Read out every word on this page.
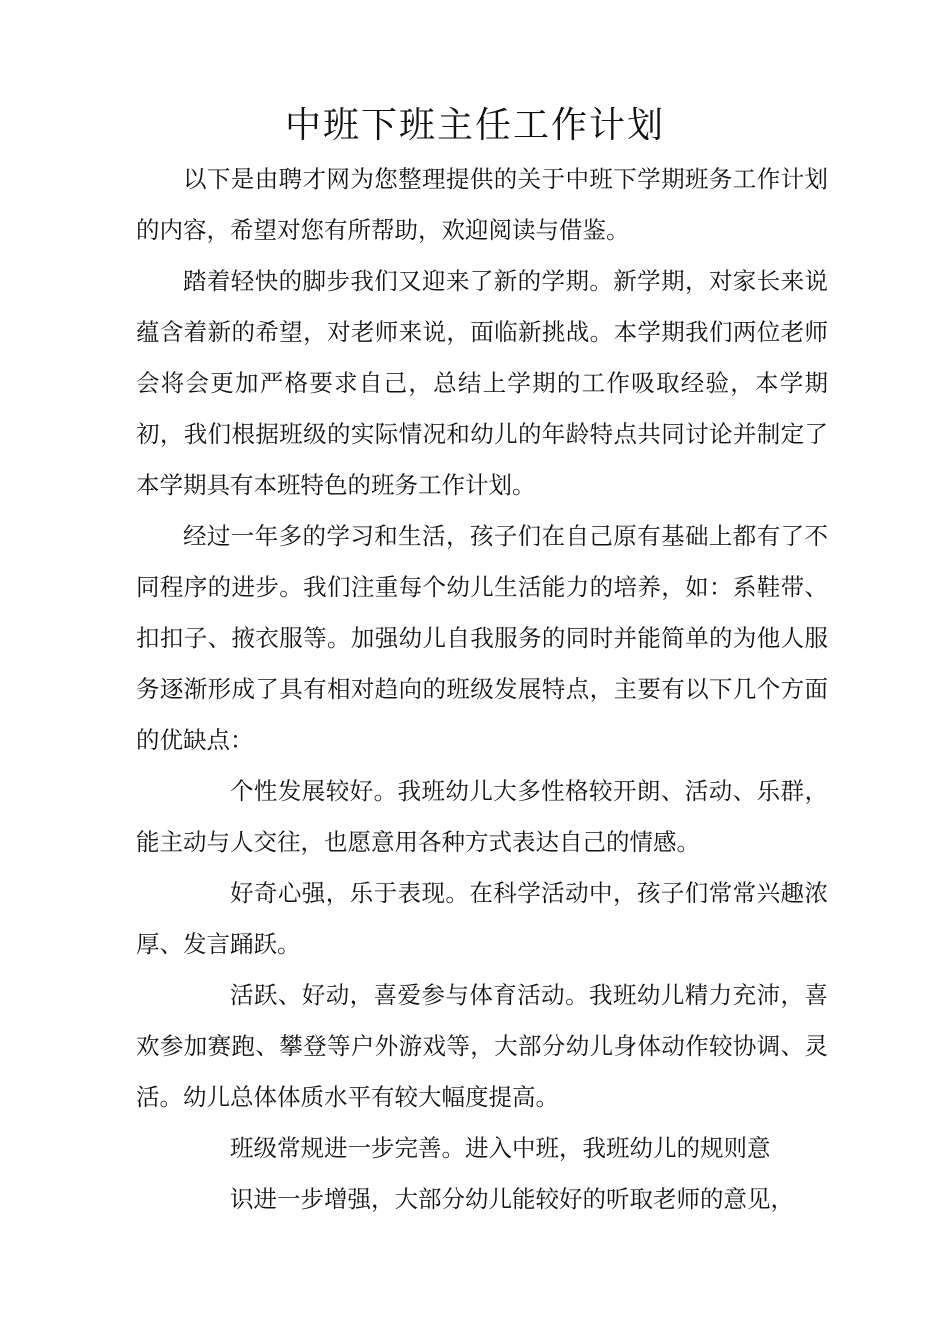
中班下班主任工作计划

以下是由聘才网为您整理提供的关于中班下学期班务工作计划的内容，希望对您有所帮助，欢迎阅读与借鉴。

踏着轻快的脚步我们又迎来了新的学期。新学期，对家长来说蕴含着新的希望，对老师来说，面临新挑战。本学期我们两位老师会将会更加严格要求自己，总结上学期的工作吸取经验，本学期初，我们根据班级的实际情况和幼儿的年龄特点共同讨论并制定了本学期具有本班特色的班务工作计划。

经过一年多的学习和生活，孩子们在自己原有基础上都有了不同程序的进步。我们注重每个幼儿生活能力的培养，如：系鞋带、扣扣子、掖衣服等。加强幼儿自我服务的同时并能简单的为他人服务逐渐形成了具有相对趋向的班级发展特点，主要有以下几个方面的优缺点：

个性发展较好。我班幼儿大多性格较开朗、活动、乐群，能主动与人交往，也愿意用各种方式表达自己的情感。

好奇心强，乐于表现。在科学活动中，孩子们常常兴趣浓厚、发言踊跃。

活跃、好动，喜爱参与体育活动。我班幼儿精力充沛，喜欢参加赛跑、攀登等户外游戏等，大部分幼儿身体动作较协调、灵活。幼儿总体体质水平有较大幅度提高。

班级常规进一步完善。进入中班，我班幼儿的规则意

识进一步增强，大部分幼儿能较好的听取老师的意见，
